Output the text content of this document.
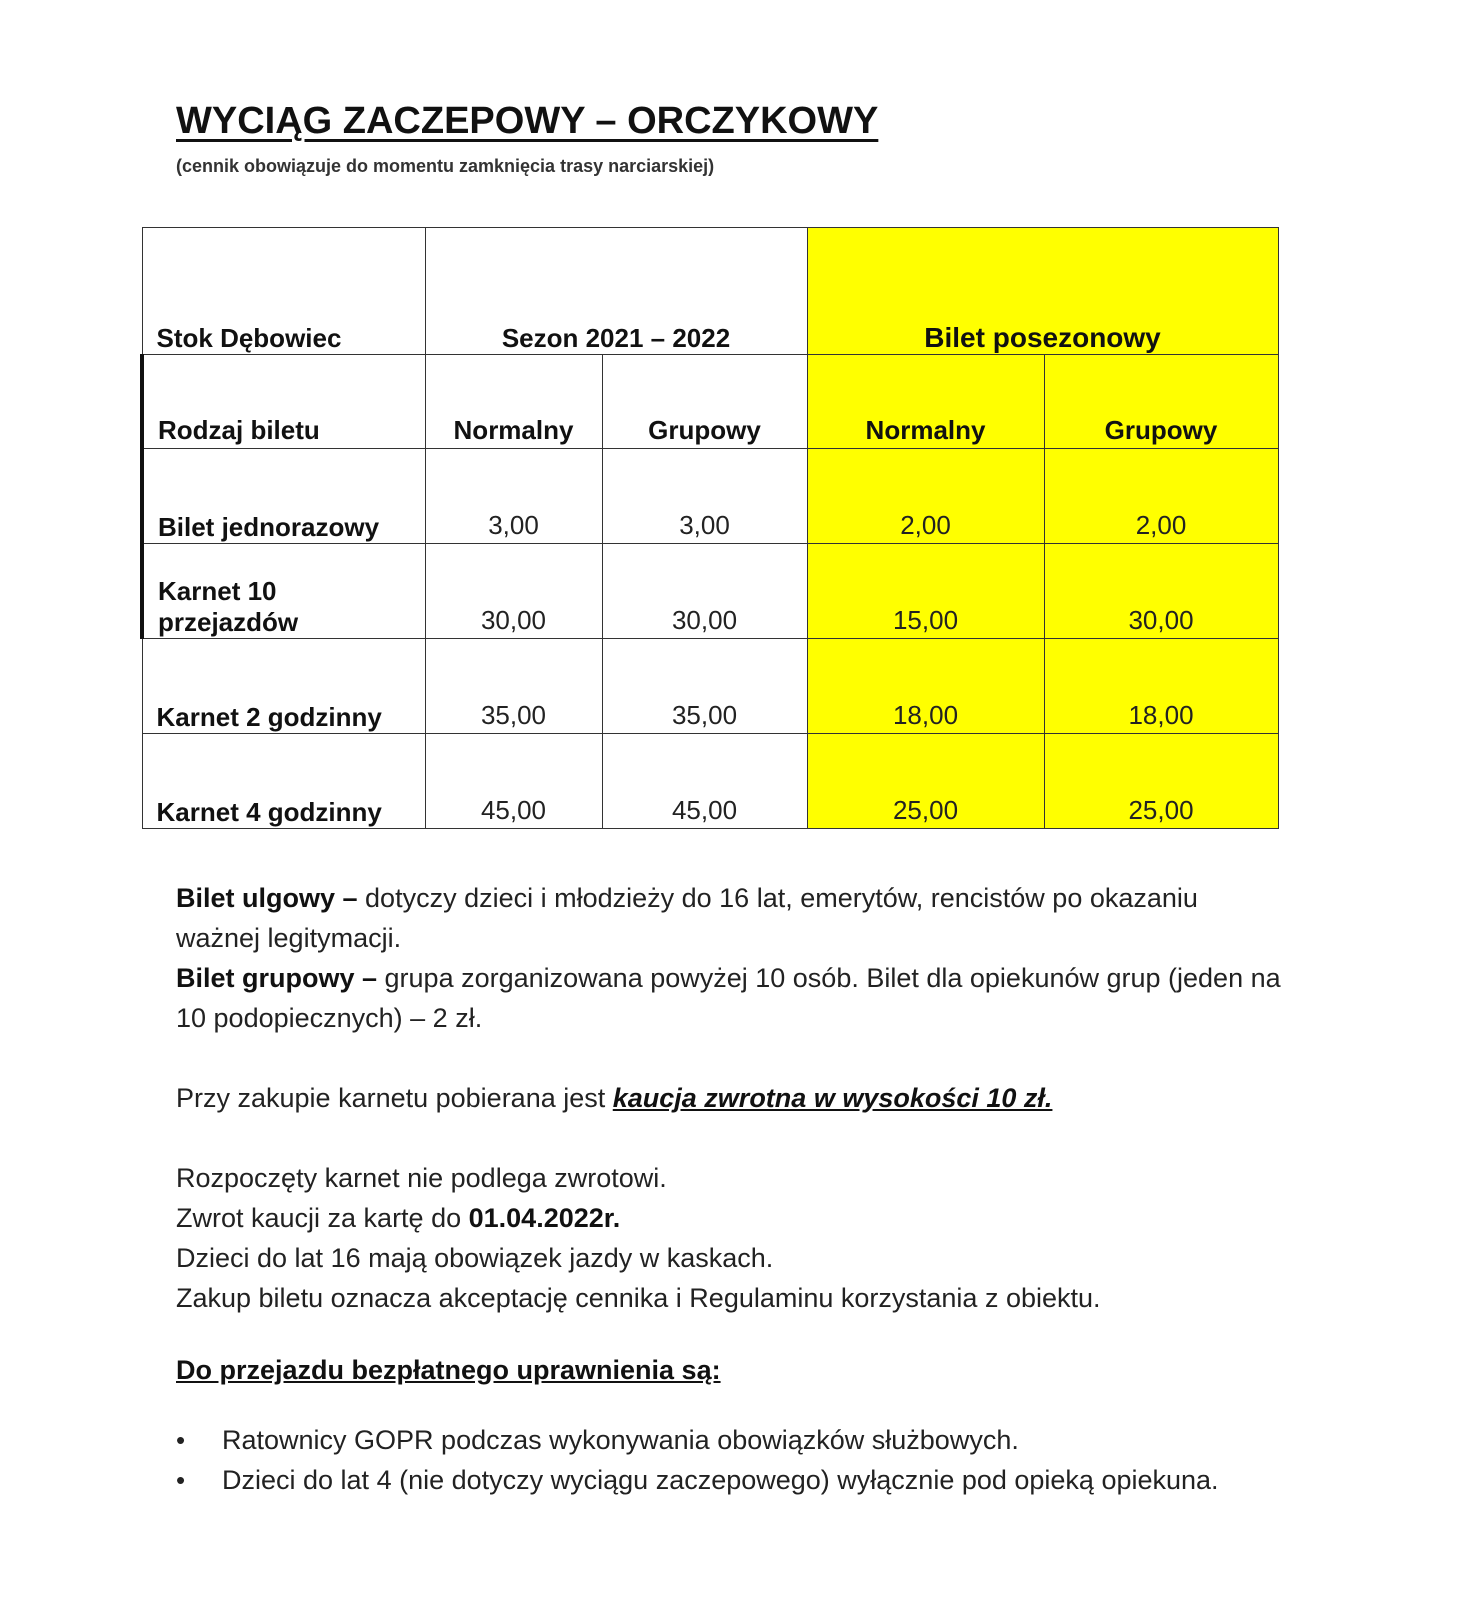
WYCIĄG ZACZEPOWY – ORCZYKOWY
(cennik obowiązuje do momentu zamknięcia trasy narciarskiej)
Stok Dębowiec	Sezon 2021 – 2022		Bilet posezonowy	
Rodzaj biletu	Normalny	Grupowy	Normalny	Grupowy
Bilet jednorazowy	3,00	3,00	2,00	2,00

Karnet 10 przejazdów	30,00	30,00	15,00	30,00
Karnet 2 godzinny	35,00	35,00	18,00	18,00
Karnet 4 godzinny	45,00	45,00	25,00	25,00

Bilet ulgowy – dotyczy dzieci i młodzieży do 16 lat, emerytów, rencistów po okazaniu ważnej legitymacji.

Bilet grupowy – grupa zorganizowana powyżej 10 osób. Bilet dla opiekunów grup (jeden na 10 podopiecznych) – 2 zł.

Przy zakupie karnetu pobierana jest kaucja zwrotna w wysokości 10 zł.

Rozpoczęty karnet nie podlega zwrotowi.

Zwrot kaucji za kartę do 01.04.2022r.

Dzieci do lat 16 mają obowiązek jazdy w kaskach.

Zakup biletu oznacza akceptację cennika i Regulaminu korzystania z obiektu.

Do przejazdu bezpłatnego uprawnienia są:

• Ratownicy GOPR podczas wykonywania obowiązków służbowych.
• Dzieci do lat 4 (nie dotyczy wyciągu zaczepowego) wyłącznie pod opieką opiekuna.
